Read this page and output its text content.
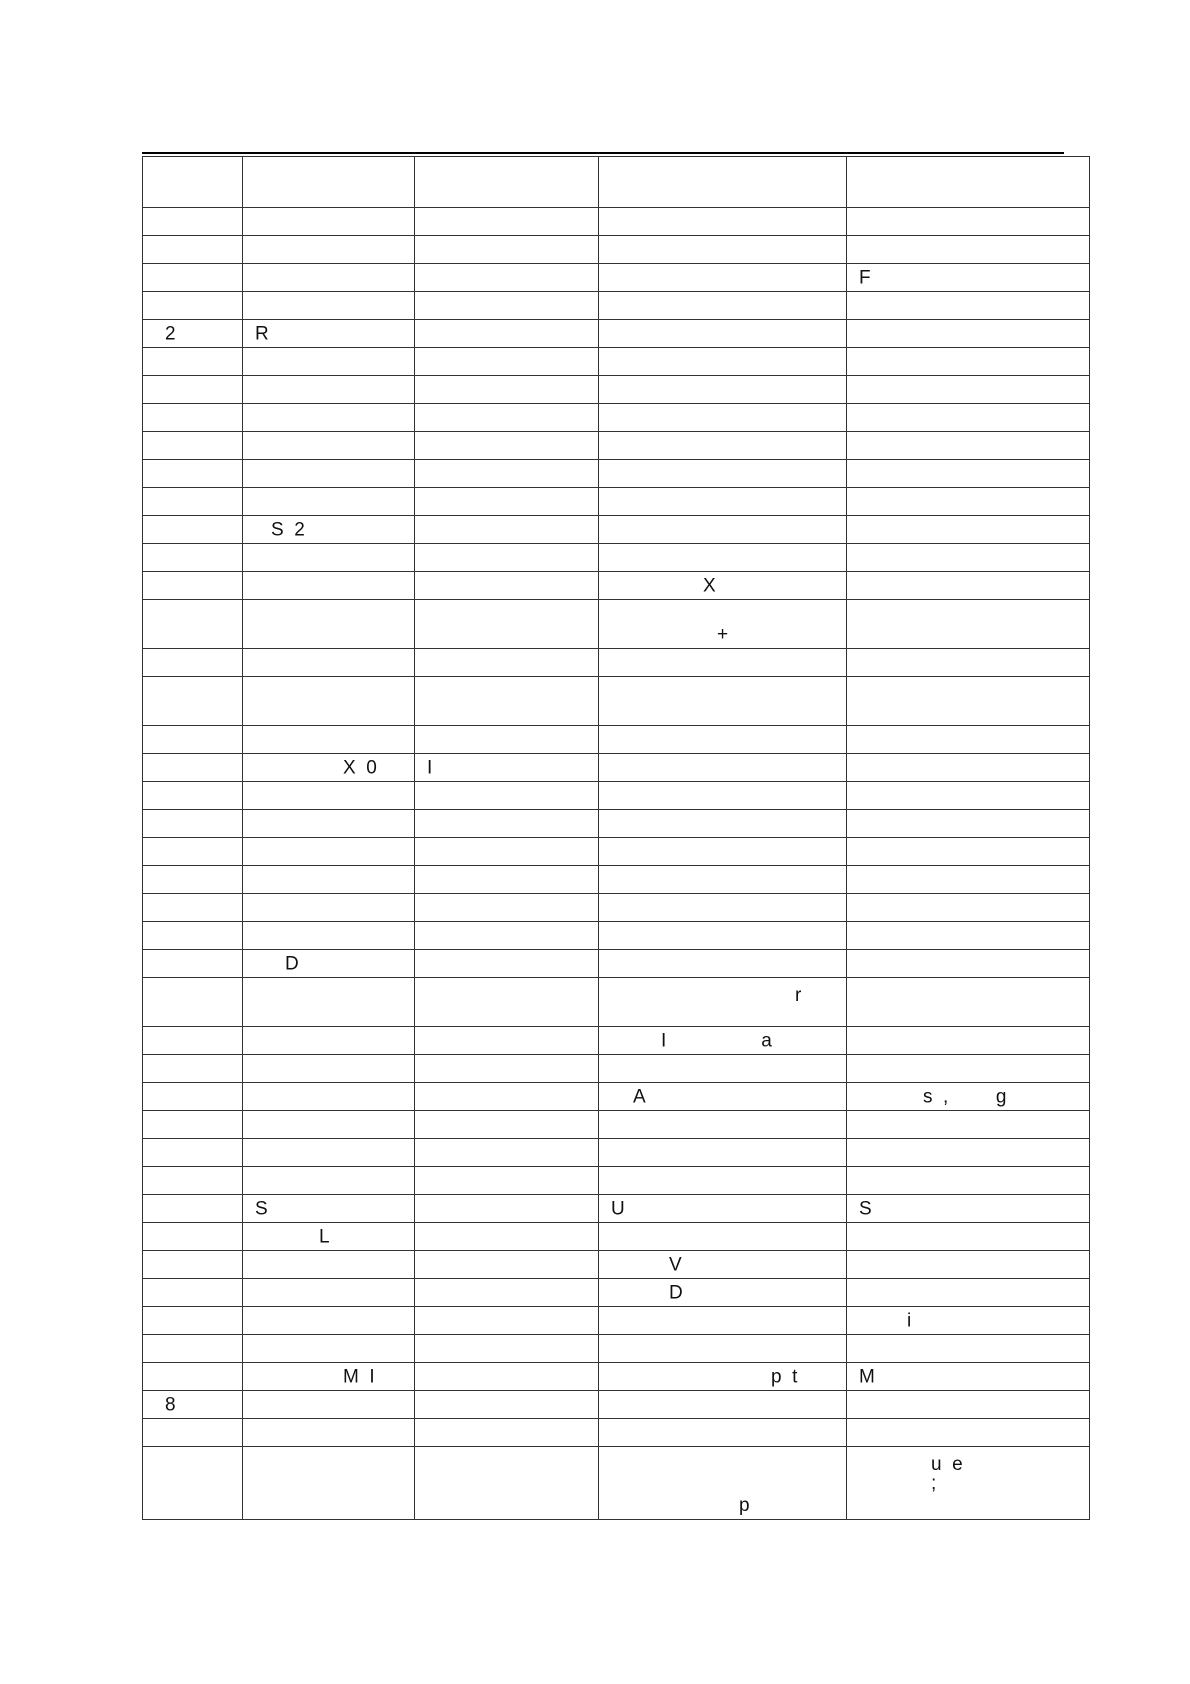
				F

2	R			

	S  2			

			X	

			+	

	X  0	I		

	D			

			r	

			I                  a	

			A	s  ,         g

	S		U	S

	L			

			V	

			D	

				i

	M  I		p  t	M

8				

			p	u  e
;
